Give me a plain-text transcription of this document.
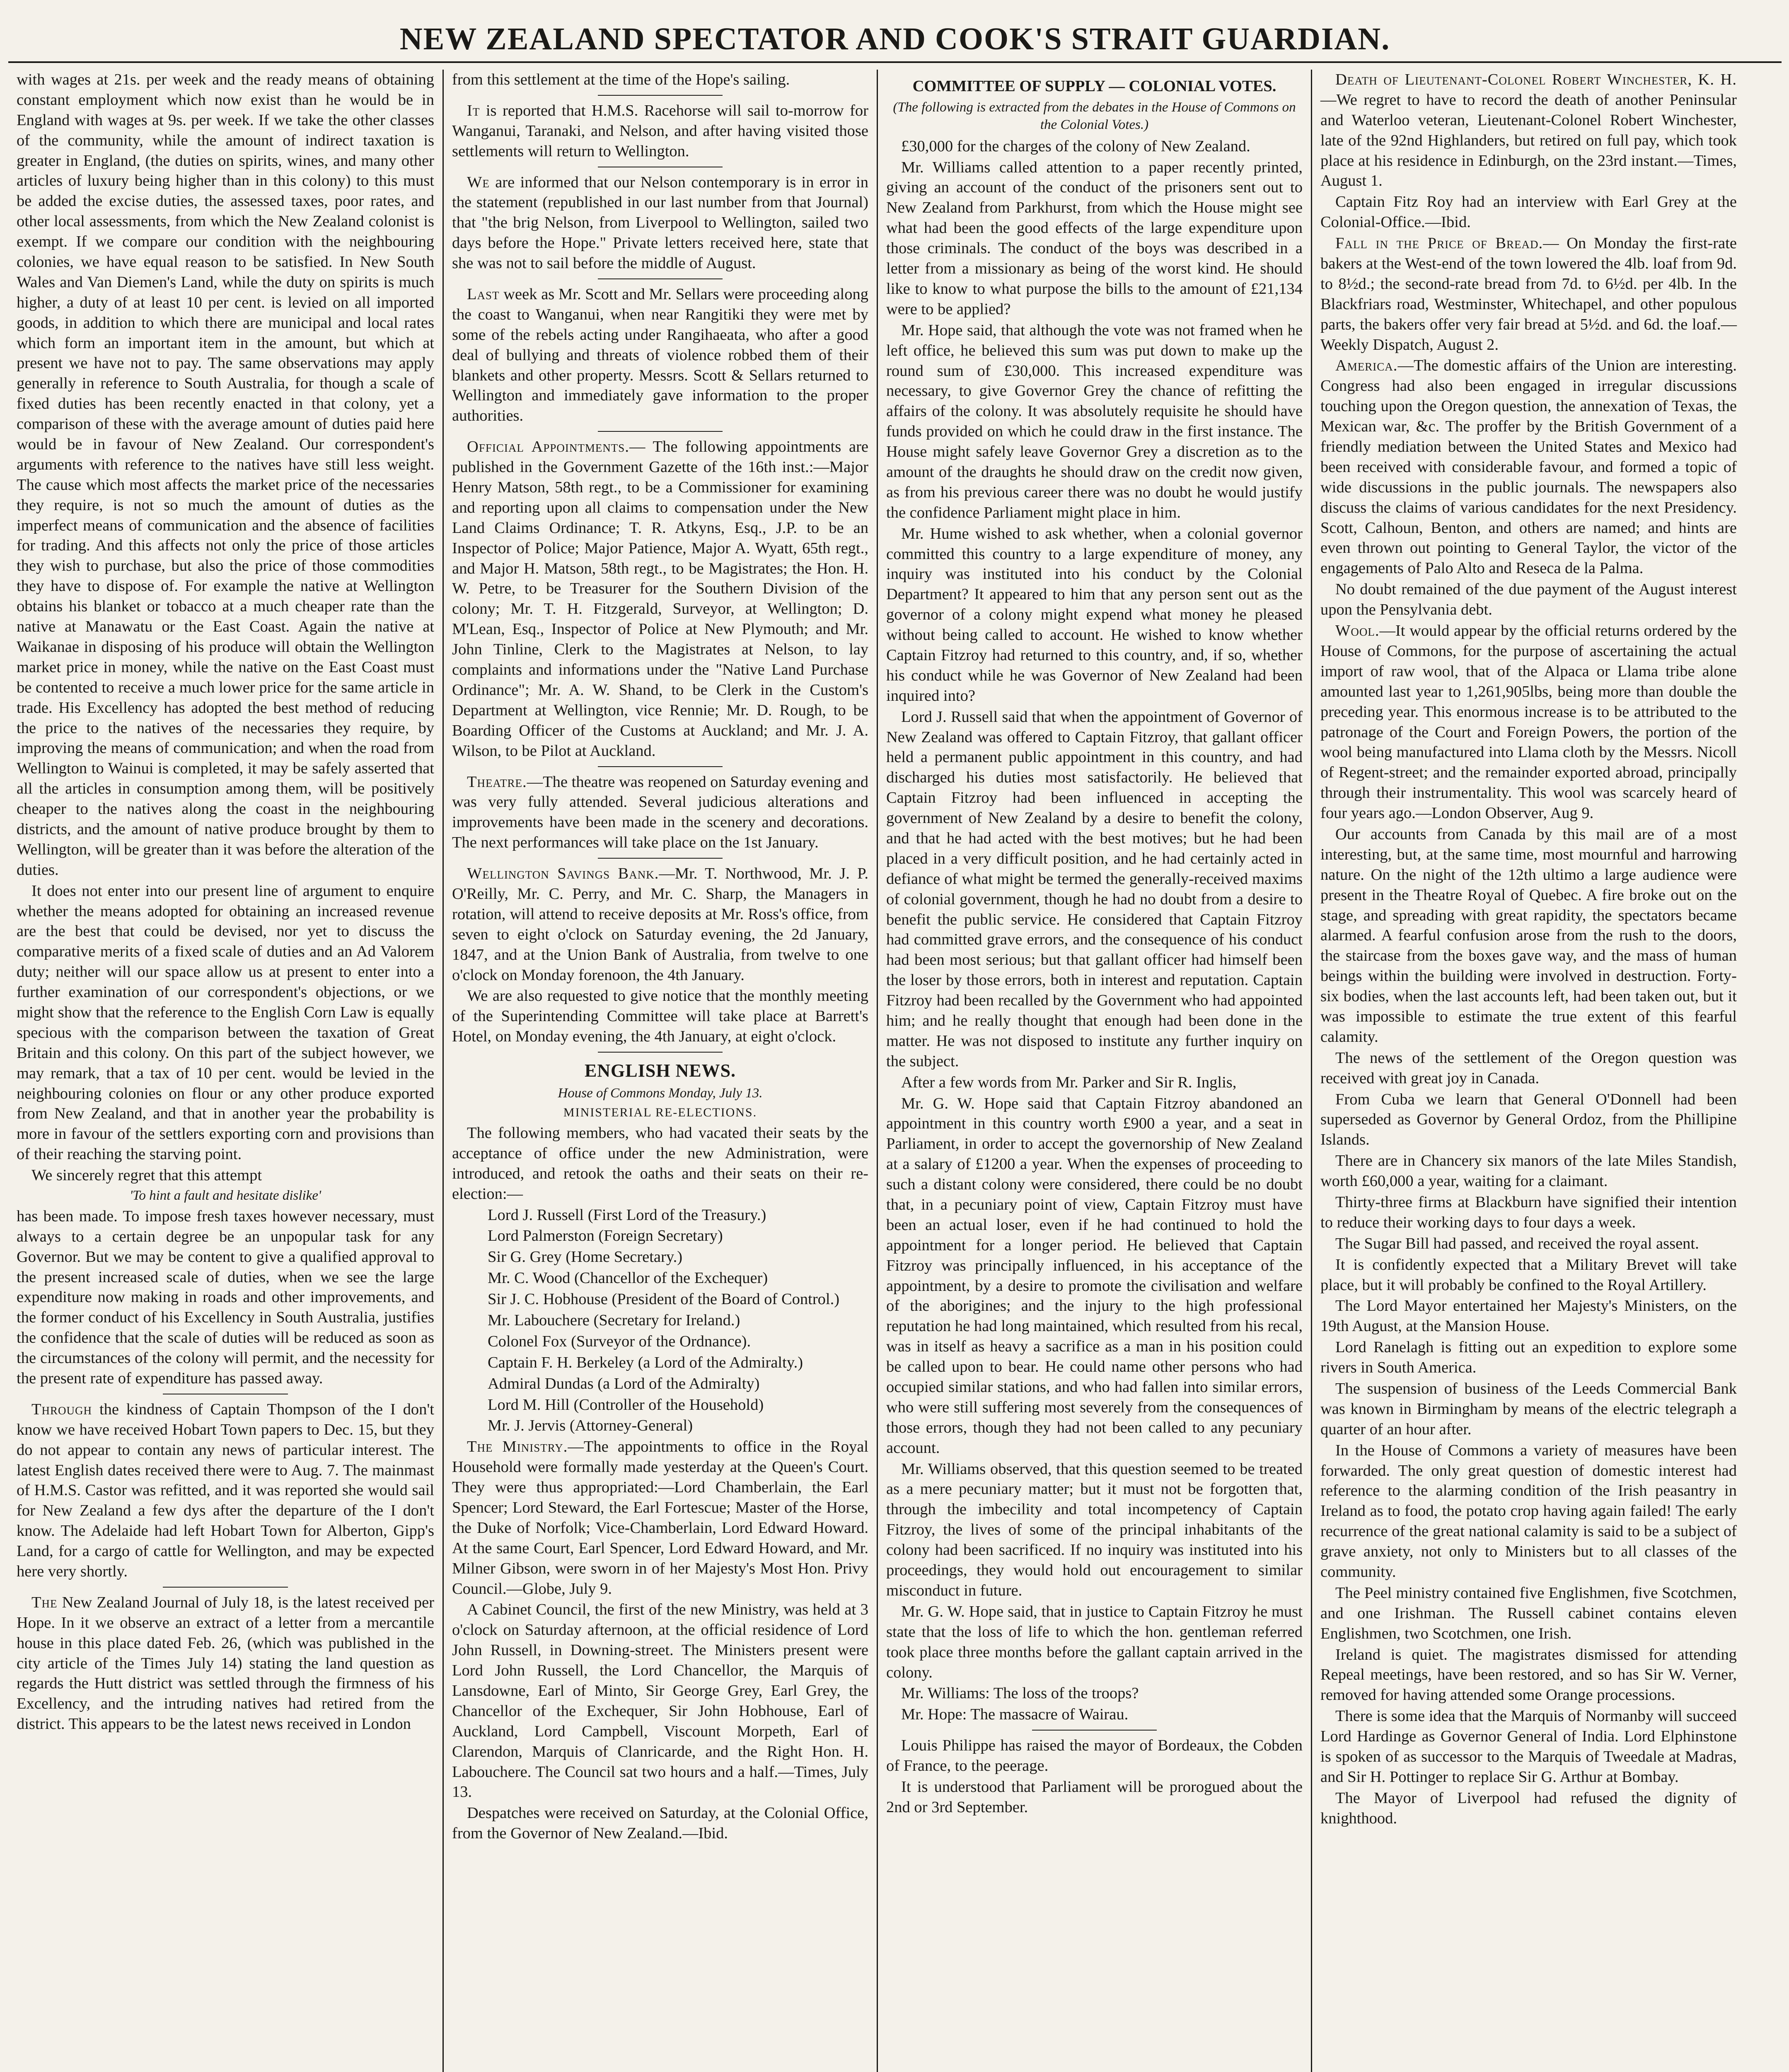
NEW ZEALAND SPECTATOR AND COOK'S STRAIT GUARDIAN.

with wages at 21s. per week and the ready means of obtaining constant employment which now exist than he would be in England with wages at 9s. per week. If we take the other classes of the community, while the amount of indirect taxation is greater in England, (the duties on spirits, wines, and many other articles of luxury being higher than in this colony) to this must be added the excise duties, the assessed taxes, poor rates, and other local assessments, from which the New Zealand colonist is exempt. If we compare our condition with the neighbouring colonies, we have equal reason to be satisfied. In New South Wales and Van Diemen's Land, while the duty on spirits is much higher, a duty of at least 10 per cent. is levied on all imported goods, in addition to which there are municipal and local rates which form an important item in the amount, but which at present we have not to pay. The same observations may apply generally in reference to South Australia, for though a scale of fixed duties has been recently enacted in that colony, yet a comparison of these with the average amount of duties paid here would be in favour of New Zealand. Our correspondent's arguments with reference to the natives have still less weight. The cause which most affects the market price of the necessaries they require, is not so much the amount of duties as the imperfect means of communication and the absence of facilities for trading. And this affects not only the price of those articles they wish to purchase, but also the price of those commodities they have to dispose of. For example the native at Wellington obtains his blanket or tobacco at a much cheaper rate than the native at Manawatu or the East Coast. Again the native at Waikanae in disposing of his produce will obtain the Wellington market price in money, while the native on the East Coast must be contented to receive a much lower price for the same article in trade. His Excellency has adopted the best method of reducing the price to the natives of the necessaries they require, by improving the means of communication; and when the road from Wellington to Wainui is completed, it may be safely asserted that all the articles in consumption among them, will be positively cheaper to the natives along the coast in the neighbouring districts, and the amount of native produce brought by them to Wellington, will be greater than it was before the alteration of the duties.

It does not enter into our present line of argument to enquire whether the means adopted for obtaining an increased revenue are the best that could be devised, nor yet to discuss the comparative merits of a fixed scale of duties and an Ad Valorem duty; neither will our space allow us at present to enter into a further examination of our correspondent's objections, or we might show that the reference to the English Corn Law is equally specious with the comparison between the taxation of Great Britain and this colony. On this part of the subject however, we may remark, that a tax of 10 per cent. would be levied in the neighbouring colonies on flour or any other produce exported from New Zealand, and that in another year the probability is more in favour of the settlers exporting corn and provisions than of their reaching the starving point.

We sincerely regret that this attempt

'To hint a fault and hesitate dislike'

has been made. To impose fresh taxes however necessary, must always to a certain degree be an unpopular task for any Governor. But we may be content to give a qualified approval to the present increased scale of duties, when we see the large expenditure now making in roads and other improvements, and the former conduct of his Excellency in South Australia, justifies the confidence that the scale of duties will be reduced as soon as the circumstances of the colony will permit, and the necessity for the present rate of expenditure has passed away.

Through the kindness of Captain Thompson of the I don't know we have received Hobart Town papers to Dec. 15, but they do not appear to contain any news of particular interest. The latest English dates received there were to Aug. 7. The mainmast of H.M.S. Castor was refitted, and it was reported she would sail for New Zealand a few dys after the departure of the I don't know. The Adelaide had left Hobart Town for Alberton, Gipp's Land, for a cargo of cattle for Wellington, and may be expected here very shortly.

The New Zealand Journal of July 18, is the latest received per Hope. In it we observe an extract of a letter from a mercantile house in this place dated Feb. 26, (which was published in the city article of the Times July 14) stating the land question as regards the Hutt district was settled through the firmness of his Excellency, and the intruding natives had retired from the district. This appears to be the latest news received in London

from this settlement at the time of the Hope's sailing.

It is reported that H.M.S. Racehorse will sail to-morrow for Wanganui, Taranaki, and Nelson, and after having visited those settlements will return to Wellington.

We are informed that our Nelson contemporary is in error in the statement (republished in our last number from that Journal) that "the brig Nelson, from Liverpool to Wellington, sailed two days before the Hope." Private letters received here, state that she was not to sail before the middle of August.

Last week as Mr. Scott and Mr. Sellars were proceeding along the coast to Wanganui, when near Rangitiki they were met by some of the rebels acting under Rangihaeata, who after a good deal of bullying and threats of violence robbed them of their blankets and other property. Messrs. Scott & Sellars returned to Wellington and immediately gave information to the proper authorities.

Official Appointments.— The following appointments are published in the Government Gazette of the 16th inst.:—Major Henry Matson, 58th regt., to be a Commissioner for examining and reporting upon all claims to compensation under the New Land Claims Ordinance; T. R. Atkyns, Esq., J.P. to be an Inspector of Police; Major Patience, Major A. Wyatt, 65th regt., and Major H. Matson, 58th regt., to be Magistrates; the Hon. H. W. Petre, to be Treasurer for the Southern Division of the colony; Mr. T. H. Fitzgerald, Surveyor, at Wellington; D. M'Lean, Esq., Inspector of Police at New Plymouth; and Mr. John Tinline, Clerk to the Magistrates at Nelson, to lay complaints and informations under the "Native Land Purchase Ordinance"; Mr. A. W. Shand, to be Clerk in the Custom's Department at Wellington, vice Rennie; Mr. D. Rough, to be Boarding Officer of the Customs at Auckland; and Mr. J. A. Wilson, to be Pilot at Auckland.

Theatre.—The theatre was reopened on Saturday evening and was very fully attended. Several judicious alterations and improvements have been made in the scenery and decorations. The next performances will take place on the 1st January.

Wellington Savings Bank.—Mr. T. Northwood, Mr. J. P. O'Reilly, Mr. C. Perry, and Mr. C. Sharp, the Managers in rotation, will attend to receive deposits at Mr. Ross's office, from seven to eight o'clock on Saturday evening, the 2d January, 1847, and at the Union Bank of Australia, from twelve to one o'clock on Monday forenoon, the 4th January.

We are also requested to give notice that the monthly meeting of the Superintending Committee will take place at Barrett's Hotel, on Monday evening, the 4th January, at eight o'clock.

ENGLISH NEWS.
House of Commons Monday, July 13.
MINISTERIAL RE-ELECTIONS.

The following members, who had vacated their seats by the acceptance of office under the new Administration, were introduced, and retook the oaths and their seats on their re-election:—

Lord J. Russell (First Lord of the Treasury.)

Lord Palmerston (Foreign Secretary)

Sir G. Grey (Home Secretary.)

Mr. C. Wood (Chancellor of the Exchequer)

Sir J. C. Hobhouse (President of the Board of Control.)

Mr. Labouchere (Secretary for Ireland.)

Colonel Fox (Surveyor of the Ordnance).

Captain F. H. Berkeley (a Lord of the Admiralty.)

Admiral Dundas (a Lord of the Admiralty)

Lord M. Hill (Controller of the Household)

Mr. J. Jervis (Attorney-General)

The Ministry.—The appointments to office in the Royal Household were formally made yesterday at the Queen's Court. They were thus appropriated:—Lord Chamberlain, the Earl Spencer; Lord Steward, the Earl Fortescue; Master of the Horse, the Duke of Norfolk; Vice-Chamberlain, Lord Edward Howard. At the same Court, Earl Spencer, Lord Edward Howard, and Mr. Milner Gibson, were sworn in of her Majesty's Most Hon. Privy Council.—Globe, July 9.

A Cabinet Council, the first of the new Ministry, was held at 3 o'clock on Saturday afternoon, at the official residence of Lord John Russell, in Downing-street. The Ministers present were Lord John Russell, the Lord Chancellor, the Marquis of Lansdowne, Earl of Minto, Sir George Grey, Earl Grey, the Chancellor of the Exchequer, Sir John Hobhouse, Earl of Auckland, Lord Campbell, Viscount Morpeth, Earl of Clarendon, Marquis of Clanricarde, and the Right Hon. H. Labouchere. The Council sat two hours and a half.—Times, July 13.

Despatches were received on Saturday, at the Colonial Office, from the Governor of New Zealand.—Ibid.

COMMITTEE OF SUPPLY — COLONIAL VOTES.
(The following is extracted from the debates in the House of Commons on the Colonial Votes.)

£30,000 for the charges of the colony of New Zealand.

Mr. Williams called attention to a paper recently printed, giving an account of the conduct of the prisoners sent out to New Zealand from Parkhurst, from which the House might see what had been the good effects of the large expenditure upon those criminals. The conduct of the boys was described in a letter from a missionary as being of the worst kind. He should like to know to what purpose the bills to the amount of £21,134 were to be applied?

Mr. Hope said, that although the vote was not framed when he left office, he believed this sum was put down to make up the round sum of £30,000. This increased expenditure was necessary, to give Governor Grey the chance of refitting the affairs of the colony. It was absolutely requisite he should have funds provided on which he could draw in the first instance. The House might safely leave Governor Grey a discretion as to the amount of the draughts he should draw on the credit now given, as from his previous career there was no doubt he would justify the confidence Parliament might place in him.

Mr. Hume wished to ask whether, when a colonial governor committed this country to a large expenditure of money, any inquiry was instituted into his conduct by the Colonial Department? It appeared to him that any person sent out as the governor of a colony might expend what money he pleased without being called to account. He wished to know whether Captain Fitzroy had returned to this country, and, if so, whether his conduct while he was Governor of New Zealand had been inquired into?

Lord J. Russell said that when the appointment of Governor of New Zealand was offered to Captain Fitzroy, that gallant officer held a permanent public appointment in this country, and had discharged his duties most satisfactorily. He believed that Captain Fitzroy had been influenced in accepting the government of New Zealand by a desire to benefit the colony, and that he had acted with the best motives; but he had been placed in a very difficult position, and he had certainly acted in defiance of what might be termed the generally-received maxims of colonial government, though he had no doubt from a desire to benefit the public service. He considered that Captain Fitzroy had committed grave errors, and the consequence of his conduct had been most serious; but that gallant officer had himself been the loser by those errors, both in interest and reputation. Captain Fitzroy had been recalled by the Government who had appointed him; and he really thought that enough had been done in the matter. He was not disposed to institute any further inquiry on the subject.

After a few words from Mr. Parker and Sir R. Inglis,

Mr. G. W. Hope said that Captain Fitzroy abandoned an appointment in this country worth £900 a year, and a seat in Parliament, in order to accept the governorship of New Zealand at a salary of £1200 a year. When the expenses of proceeding to such a distant colony were considered, there could be no doubt that, in a pecuniary point of view, Captain Fitzroy must have been an actual loser, even if he had continued to hold the appointment for a longer period. He believed that Captain Fitzroy was principally influenced, in his acceptance of the appointment, by a desire to promote the civilisation and welfare of the aborigines; and the injury to the high professional reputation he had long maintained, which resulted from his recal, was in itself as heavy a sacrifice as a man in his position could be called upon to bear. He could name other persons who had occupied similar stations, and who had fallen into similar errors, who were still suffering most severely from the consequences of those errors, though they had not been called to any pecuniary account.

Mr. Williams observed, that this question seemed to be treated as a mere pecuniary matter; but it must not be forgotten that, through the imbecility and total incompetency of Captain Fitzroy, the lives of some of the principal inhabitants of the colony had been sacrificed. If no inquiry was instituted into his proceedings, they would hold out encouragement to similar misconduct in future.

Mr. G. W. Hope said, that in justice to Captain Fitzroy he must state that the loss of life to which the hon. gentleman referred took place three months before the gallant captain arrived in the colony.

Mr. Williams: The loss of the troops?

Mr. Hope: The massacre of Wairau.

Louis Philippe has raised the mayor of Bordeaux, the Cobden of France, to the peerage.

It is understood that Parliament will be prorogued about the 2nd or 3rd September.

Death of Lieutenant-Colonel Robert Winchester, K. H.—We regret to have to record the death of another Peninsular and Waterloo veteran, Lieutenant-Colonel Robert Winchester, late of the 92nd Highlanders, but retired on full pay, which took place at his residence in Edinburgh, on the 23rd instant.—Times, August 1.

Captain Fitz Roy had an interview with Earl Grey at the Colonial-Office.—Ibid.

Fall in the Price of Bread.— On Monday the first-rate bakers at the West-end of the town lowered the 4lb. loaf from 9d. to 8½d.; the second-rate bread from 7d. to 6½d. per 4lb. In the Blackfriars road, Westminster, Whitechapel, and other populous parts, the bakers offer very fair bread at 5½d. and 6d. the loaf.—Weekly Dispatch, August 2.

America.—The domestic affairs of the Union are interesting. Congress had also been engaged in irregular discussions touching upon the Oregon question, the annexation of Texas, the Mexican war, &c. The proffer by the British Government of a friendly mediation between the United States and Mexico had been received with considerable favour, and formed a topic of wide discussions in the public journals. The newspapers also discuss the claims of various candidates for the next Presidency. Scott, Calhoun, Benton, and others are named; and hints are even thrown out pointing to General Taylor, the victor of the engagements of Palo Alto and Reseca de la Palma.

No doubt remained of the due payment of the August interest upon the Pensylvania debt.

Wool.—It would appear by the official returns ordered by the House of Commons, for the purpose of ascertaining the actual import of raw wool, that of the Alpaca or Llama tribe alone amounted last year to 1,261,905lbs, being more than double the preceding year. This enormous increase is to be attributed to the patronage of the Court and Foreign Powers, the portion of the wool being manufactured into Llama cloth by the Messrs. Nicoll of Regent-street; and the remainder exported abroad, principally through their instrumentality. This wool was scarcely heard of four years ago.—London Observer, Aug 9.

Our accounts from Canada by this mail are of a most interesting, but, at the same time, most mournful and harrowing nature. On the night of the 12th ultimo a large audience were present in the Theatre Royal of Quebec. A fire broke out on the stage, and spreading with great rapidity, the spectators became alarmed. A fearful confusion arose from the rush to the doors, the staircase from the boxes gave way, and the mass of human beings within the building were involved in destruction. Forty-six bodies, when the last accounts left, had been taken out, but it was impossible to estimate the true extent of this fearful calamity.

The news of the settlement of the Oregon question was received with great joy in Canada.

From Cuba we learn that General O'Donnell had been superseded as Governor by General Ordoz, from the Phillipine Islands.

There are in Chancery six manors of the late Miles Standish, worth £60,000 a year, waiting for a claimant.

Thirty-three firms at Blackburn have signified their intention to reduce their working days to four days a week.

The Sugar Bill had passed, and received the royal assent.

It is confidently expected that a Military Brevet will take place, but it will probably be confined to the Royal Artillery.

The Lord Mayor entertained her Majesty's Ministers, on the 19th August, at the Mansion House.

Lord Ranelagh is fitting out an expedition to explore some rivers in South America.

The suspension of business of the Leeds Commercial Bank was known in Birmingham by means of the electric telegraph a quarter of an hour after.

In the House of Commons a variety of measures have been forwarded. The only great question of domestic interest had reference to the alarming condition of the Irish peasantry in Ireland as to food, the potato crop having again failed! The early recurrence of the great national calamity is said to be a subject of grave anxiety, not only to Ministers but to all classes of the community.

The Peel ministry contained five Englishmen, five Scotchmen, and one Irishman. The Russell cabinet contains eleven Englishmen, two Scotchmen, one Irish.

Ireland is quiet. The magistrates dismissed for attending Repeal meetings, have been restored, and so has Sir W. Verner, removed for having attended some Orange processions.

There is some idea that the Marquis of Normanby will succeed Lord Hardinge as Governor General of India. Lord Elphinstone is spoken of as successor to the Marquis of Tweedale at Madras, and Sir H. Pottinger to replace Sir G. Arthur at Bombay.

The Mayor of Liverpool had refused the dignity of knighthood.
